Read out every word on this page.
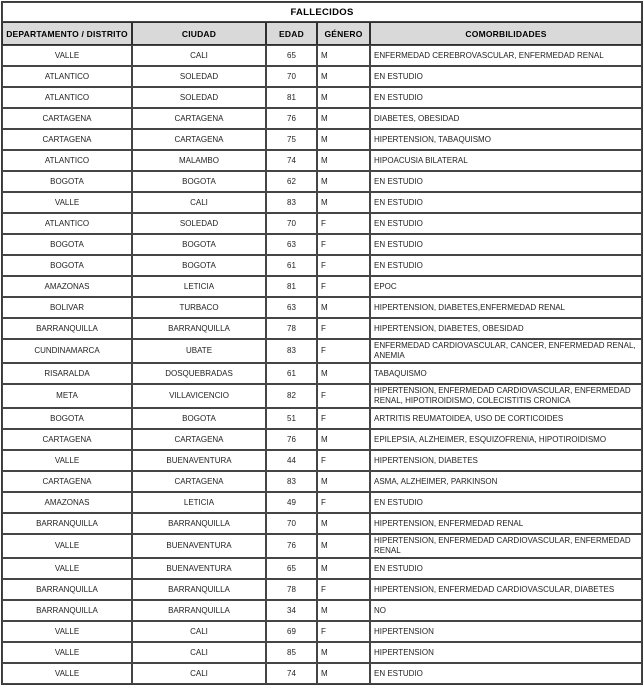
FALLECIDOS				
DEPARTAMENTO / DISTRITO	CIUDAD	EDAD	GÉNERO	COMORBILIDADES
VALLE	CALI	65	M	ENFERMEDAD CEREBROVASCULAR, ENFERMEDAD RENAL
ATLANTICO	SOLEDAD	70	M	EN ESTUDIO
ATLANTICO	SOLEDAD	81	M	EN ESTUDIO
CARTAGENA	CARTAGENA	76	M	DIABETES, OBESIDAD
CARTAGENA	CARTAGENA	75	M	HIPERTENSION, TABAQUISMO
ATLANTICO	MALAMBO	74	M	HIPOACUSIA BILATERAL
BOGOTA	BOGOTA	62	M	EN ESTUDIO
VALLE	CALI	83	M	EN ESTUDIO
ATLANTICO	SOLEDAD	70	F	EN ESTUDIO
BOGOTA	BOGOTA	63	F	EN ESTUDIO
BOGOTA	BOGOTA	61	F	EN ESTUDIO
AMAZONAS	LETICIA	81	F	EPOC
BOLIVAR	TURBACO	63	M	HIPERTENSION, DIABETES,ENFERMEDAD RENAL
BARRANQUILLA	BARRANQUILLA	78	F	HIPERTENSION, DIABETES, OBESIDAD
CUNDINAMARCA	UBATE	83	F	ENFERMEDAD CARDIOVASCULAR, CANCER, ENFERMEDAD RENAL, ANEMIA
RISARALDA	DOSQUEBRADAS	61	M	TABAQUISMO
META	VILLAVICENCIO	82	F	HIPERTENSION, ENFERMEDAD CARDIOVASCULAR, ENFERMEDAD RENAL, HIPOTIROIDISMO, COLECISTITIS CRONICA
BOGOTA	BOGOTA	51	F	ARTRITIS REUMATOIDEA, USO DE CORTICOIDES
CARTAGENA	CARTAGENA	76	M	EPILEPSIA, ALZHEIMER, ESQUIZOFRENIA, HIPOTIROIDISMO
VALLE	BUENAVENTURA	44	F	HIPERTENSION, DIABETES
CARTAGENA	CARTAGENA	83	M	ASMA, ALZHEIMER, PARKINSON
AMAZONAS	LETICIA	49	F	EN ESTUDIO
BARRANQUILLA	BARRANQUILLA	70	M	HIPERTENSION, ENFERMEDAD RENAL
VALLE	BUENAVENTURA	76	M	HIPERTENSION, ENFERMEDAD CARDIOVASCULAR, ENFERMEDAD RENAL
VALLE	BUENAVENTURA	65	M	EN ESTUDIO
BARRANQUILLA	BARRANQUILLA	78	F	HIPERTENSION, ENFERMEDAD CARDIOVASCULAR, DIABETES
BARRANQUILLA	BARRANQUILLA	34	M	NO
VALLE	CALI	69	F	HIPERTENSION
VALLE	CALI	85	M	HIPERTENSION
VALLE	CALI	74	M	EN ESTUDIO
